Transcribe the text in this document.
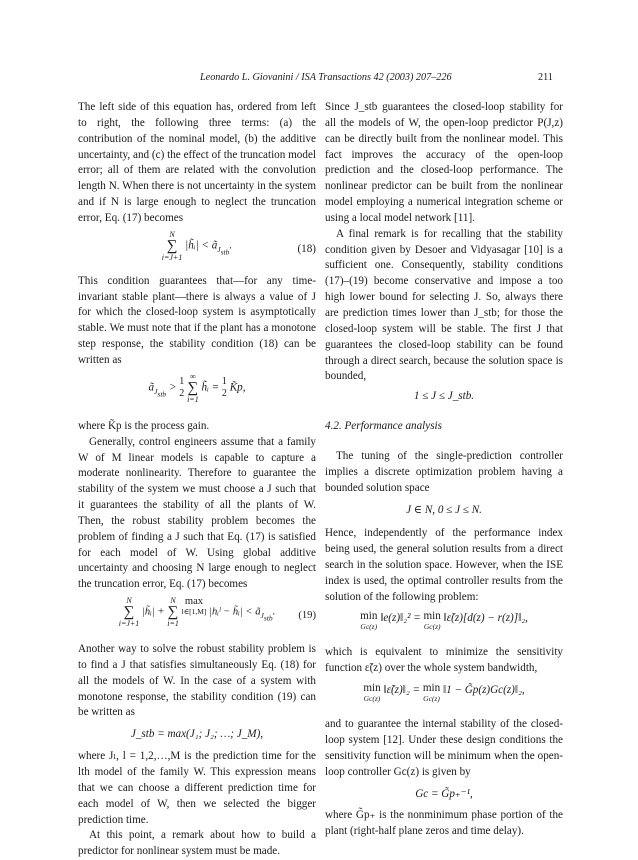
Leonardo L. Giovanini / ISA Transactions 42 (2003) 207–226	211

The left side of this equation has, ordered from left to right, the following three terms: (a) the contribution of the nominal model, (b) the additive uncertainty, and (c) the effect of the truncation model error; all of them are related with the convolution length N. When there is not uncertainty in the system and if N is large enough to neglect the truncation error, Eq. (17) becomes

N
∑
i=J+1 |h̃ᵢ| < $ã_{J_{stb}}$.	(18)

This condition guarantees that—for any time-invariant stable plant—there is always a value of J for which the closed-loop system is asymptotically stable. We must note that if the plant has a monotone step response, the stability condition (18) can be written as

$ã_{J_{stb}} > 1$
2 ∞
∑
i=1 h̃ᵢ = 1
2 K̃p,

where K̃p is the process gain.

Generally, control engineers assume that a family W of M linear models is capable to capture a moderate nonlinearity. Therefore to guarantee the stability of the system we must choose a J such that it guarantees the stability of all the plants of W. Then, the robust stability problem becomes the problem of finding a J such that Eq. (17) is satisfied for each model of W. Using global additive uncertainty and choosing N large enough to neglect the truncation error, Eq. (17) becomes

N
∑
i=J+1 |h̃ᵢ| + N
∑
i=1 max
l∈[1,M] |hᵢˡ − h̃ᵢ| < $ã_{J_{stb}}$. (19)

Another way to solve the robust stability problem is to find a J that satisfies simultaneously Eq. (18) for all the models of W. In the case of a system with monotone response, the stability condition (19) can be written as

J_stb = max(J₁; J₂; …; J_M),

where Jₗ, l = 1,2,…,M is the prediction time for the lth model of the family W. This expression means that we can choose a different prediction time for each model of W, then we selected the bigger prediction time.

At this point, a remark about how to build a predictor for nonlinear system must be made.

Since J_stb guarantees the closed-loop stability for all the models of W, the open-loop predictor P(J,z) can be directly built from the nonlinear model. This fact improves the accuracy of the open-loop prediction and the closed-loop performance. The nonlinear predictor can be built from the nonlinear model employing a numerical integration scheme or using a local model network [11].

A final remark is for recalling that the stability condition given by Desoer and Vidyasagar [10] is a sufficient one. Consequently, stability conditions (17)–(19) become conservative and impose a too high lower bound for selecting J. So, always there are prediction times lower than J_stb; for those the closed-loop system will be stable. The first J that guarantees the closed-loop stability can be found through a direct search, because the solution space is bounded,

1 ≤ J ≤ J_stb.

4.2. Performance analysis

The tuning of the single-prediction controller implies a discrete optimization problem having a bounded solution space

J ∈ N, 0 ≤ J ≤ N.

Hence, independently of the performance index being used, the general solution results from a direct search in the solution space. However, when the ISE index is used, the optimal controller results from the solution of the following problem:

min
Gc(z)
‖e(z)‖₂² = min
Gc(z)
‖ε̃(z)[d(z) − r(z)]‖₂,

which is equivalent to minimize the sensitivity function ε̃(z) over the whole system bandwidth,

min
Gc(z)
‖ε̃(z)‖₂ = min
Gc(z)
‖1 − G̃p(z)Gc(z)‖₂,

and to guarantee the internal stability of the closed-loop system [12]. Under these design conditions the sensitivity function will be minimum when the open-loop controller Gc(z) is given by

Gc = G̃p₊⁻¹,

where G̃p₊ is the nonminimum phase portion of the plant (right-half plane zeros and time delay).
